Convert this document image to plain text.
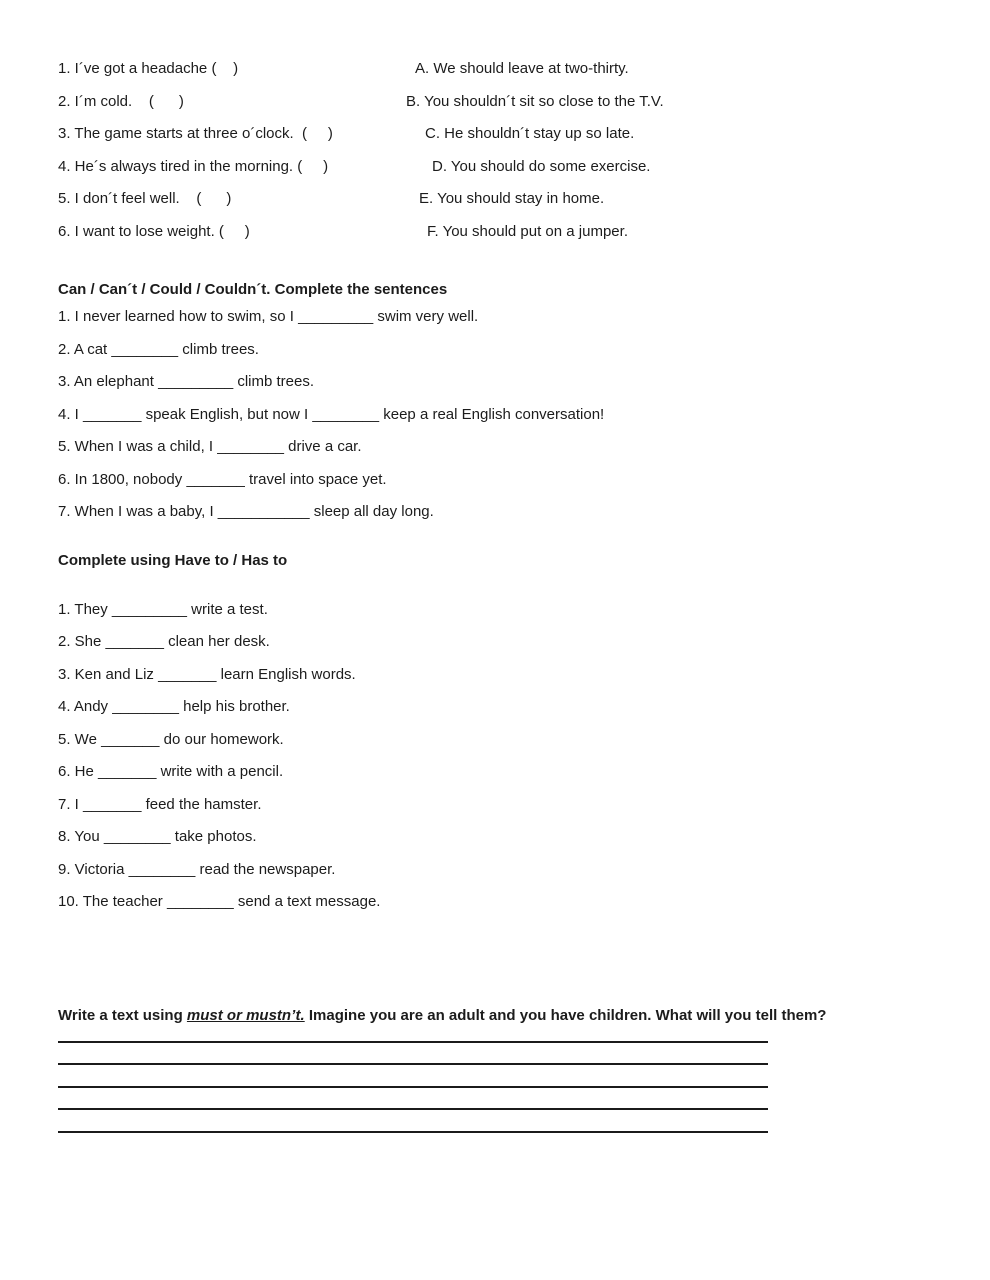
1. I´ve got a headache (    )	A. We should leave at two-thirty.
2. I´m cold.    (      )	B. You shouldn´t sit so close to the T.V.
3. The game starts at three o´clock.  (     )	C. He shouldn´t stay up so late.
4. He´s always tired in the morning. (     )	D. You should do some exercise.
5. I don´t feel well.    (      )	E. You should stay in home.
6. I want to lose weight. (     )	F. You should put on a jumper.
Can / Can´t / Could / Couldn´t. Complete the sentences
1. I never learned how to swim, so I _________ swim very well.
2. A cat ________ climb trees.
3. An elephant _________ climb trees.
4. I _______ speak English, but now I ________ keep a real English conversation!
5. When I was a child, I ________ drive a car.
6. In 1800, nobody _______ travel into space yet.
7. When I was a baby, I ___________ sleep all day long.
Complete using Have to / Has to
1. They _________ write a test.
2. She _______ clean her desk.
3. Ken and Liz _______ learn English words.
4. Andy ________ help his brother.
5. We _______ do our homework.
6. He _______ write with a pencil.
7. I _______ feed the hamster.
8. You ________ take photos.
9. Victoria ________ read the newspaper.
10. The teacher ________ send a text message.
Write a text using must or mustn’t. Imagine you are an adult and you have children. What will you tell them?
